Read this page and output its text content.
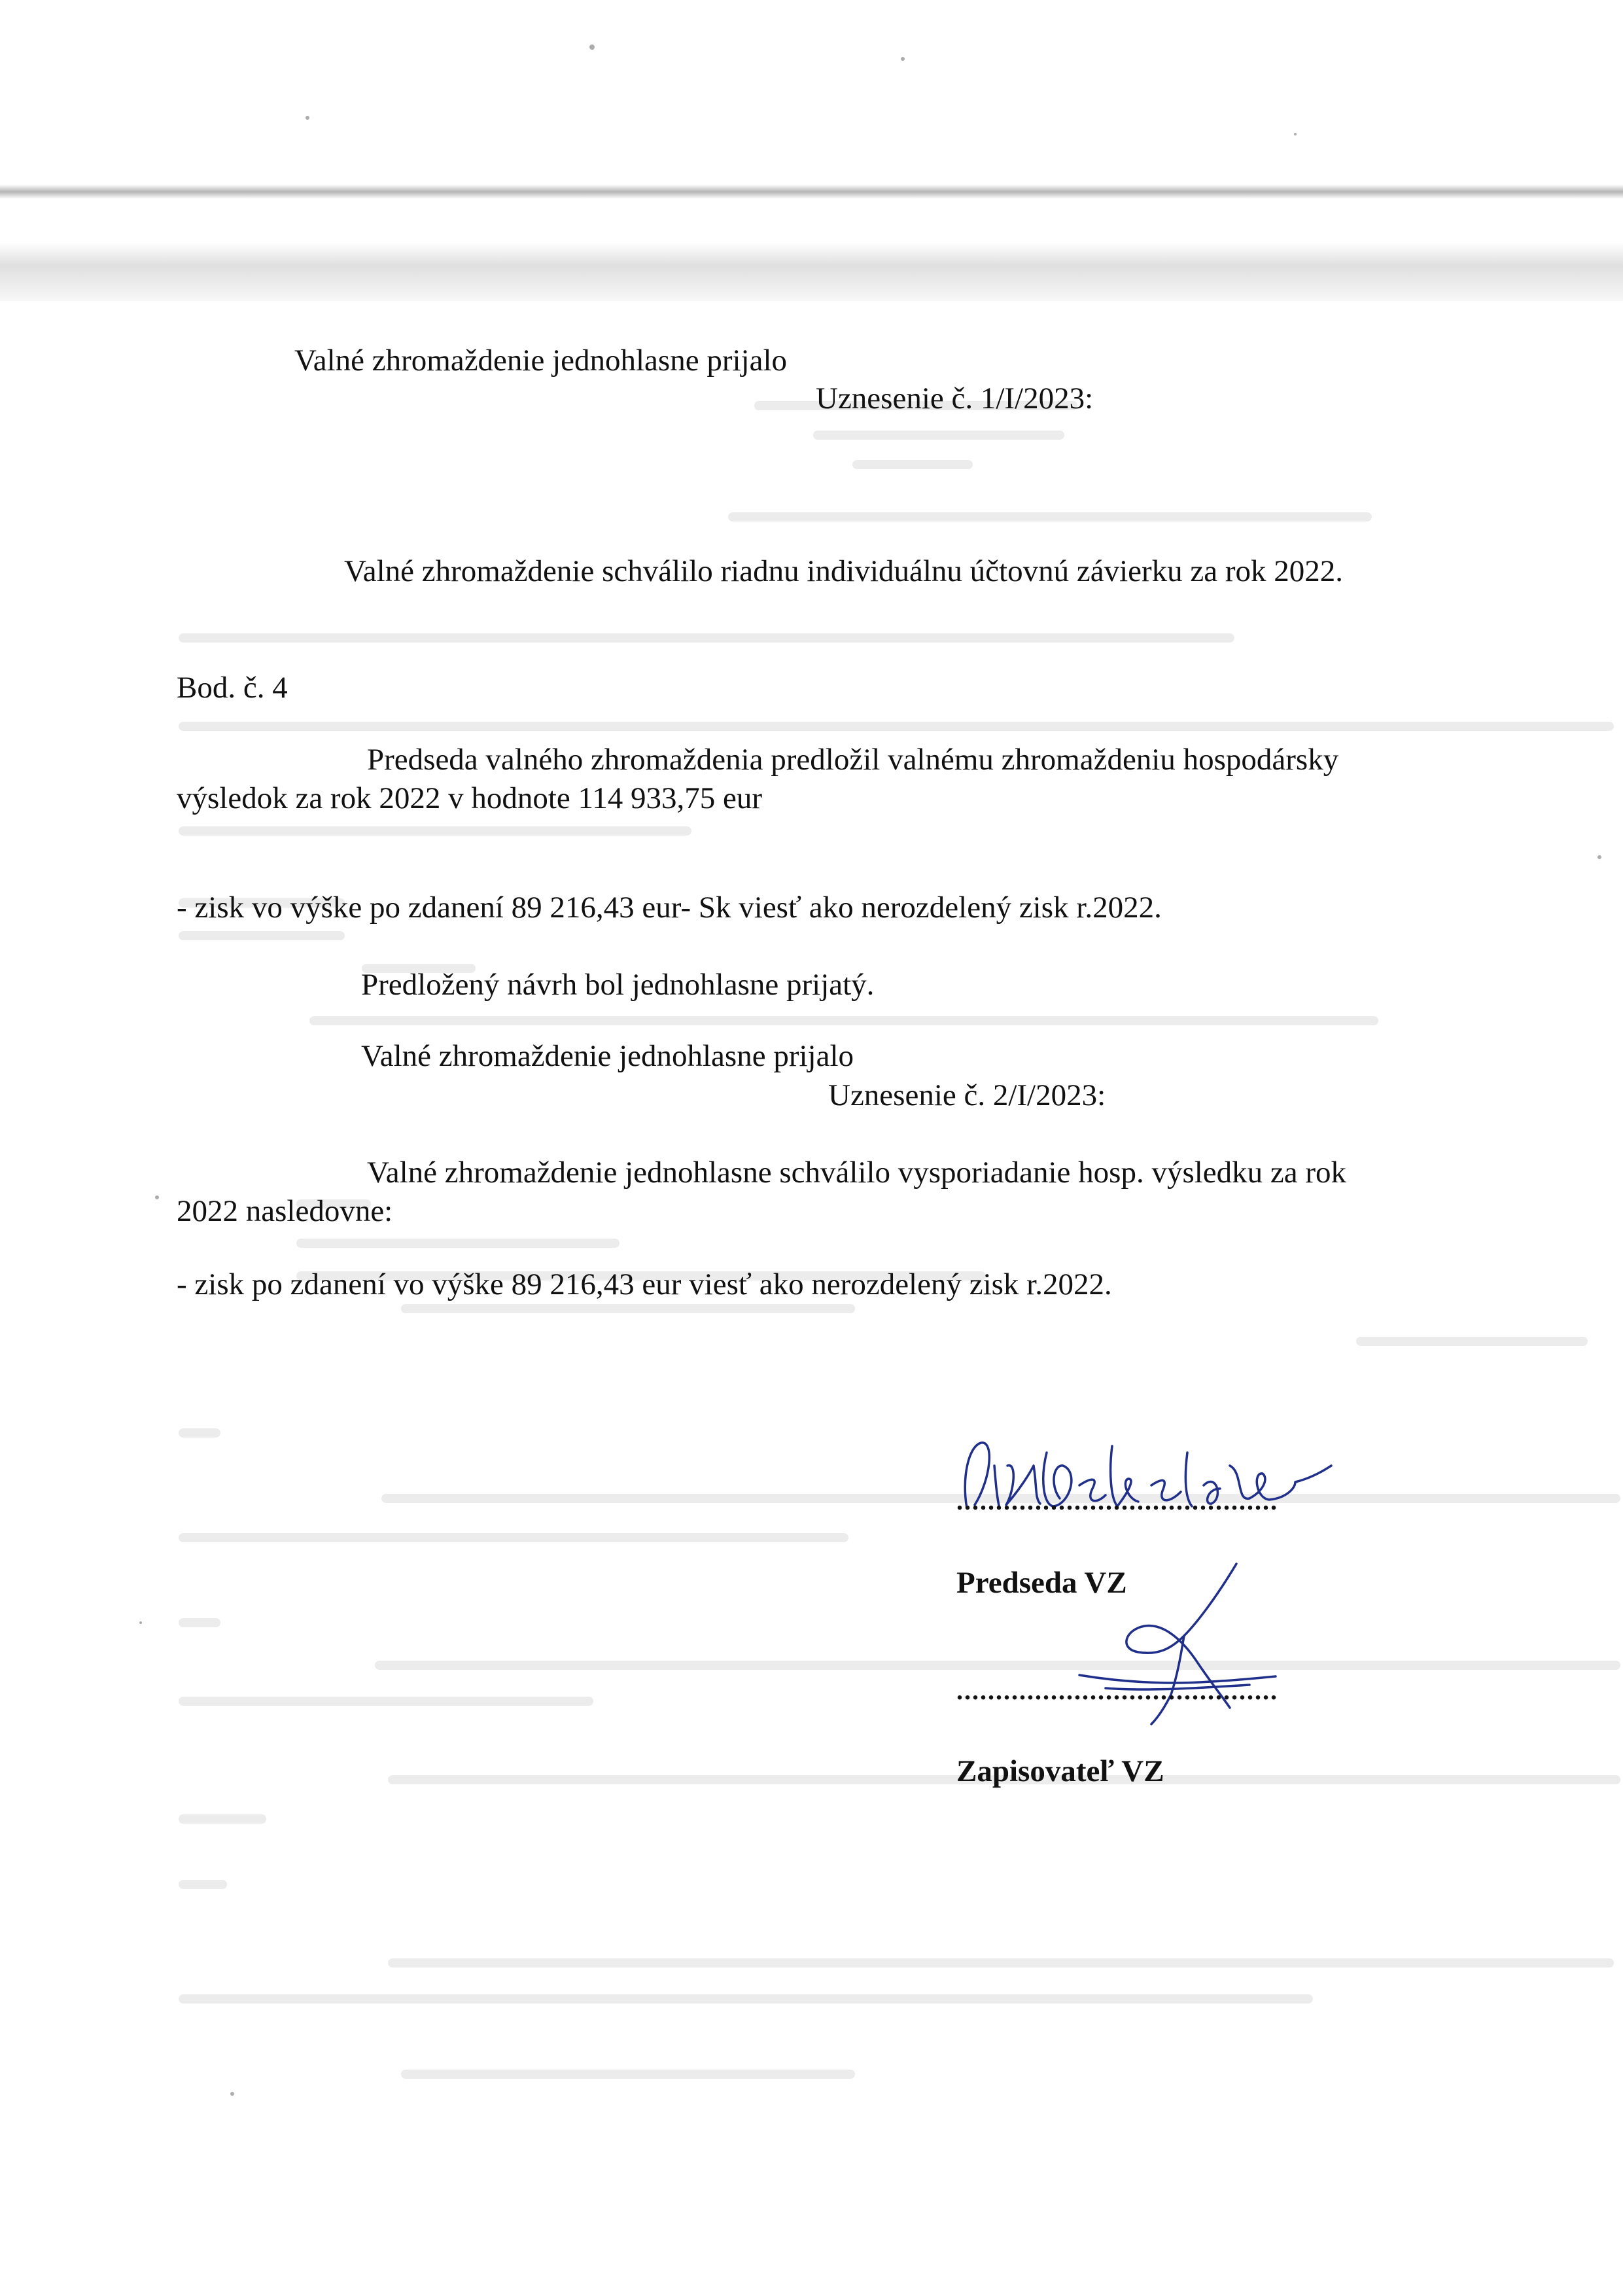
Valné zhromaždenie jednohlasne prijalo
Uznesenie č. 1/I/2023:
Valné zhromaždenie schválilo riadnu individuálnu účtovnú závierku za rok 2022.
Bod. č. 4
Predseda valného zhromaždenia predložil valnému zhromaždeniu hospodársky
výsledok za rok 2022 v hodnote 114 933,75 eur
- zisk vo výške po zdanení 89 216,43 eur- Sk viesť ako nerozdelený zisk r.2022.
Predložený návrh bol jednohlasne prijatý.
Valné zhromaždenie jednohlasne prijalo
Uznesenie č. 2/I/2023:
Valné zhromaždenie jednohlasne schválilo vysporiadanie hosp. výsledku za rok
2022 nasledovne:
- zisk po zdanení vo výške 89 216,43 eur viesť ako nerozdelený zisk r.2022.
.........................................
Predseda VZ
.........................................
Zapisovateľ VZ
